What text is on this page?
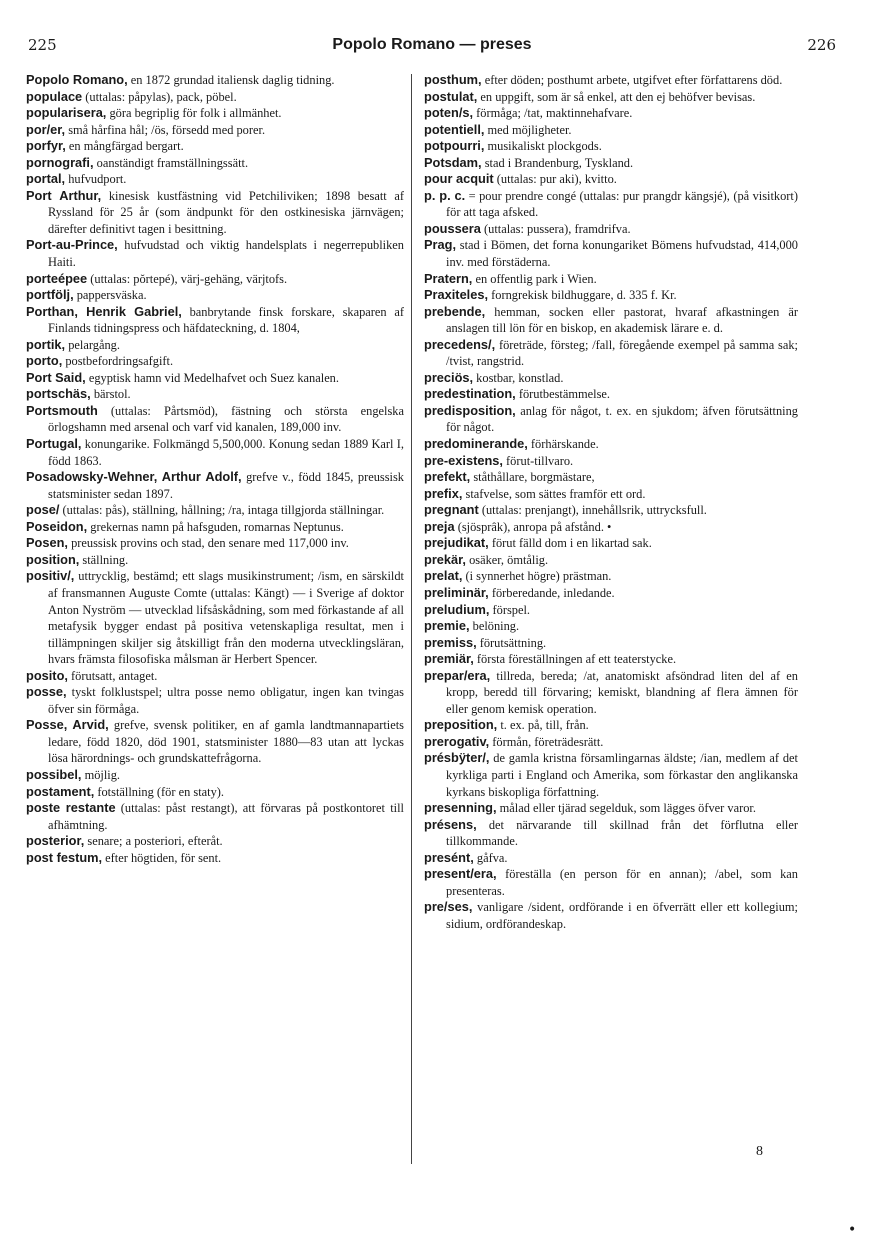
225	Popolo Romano — preses	226

Popolo Romano, en 1872 grundad italiensk daglig tidning.

populace (uttalas: påpylas), pack, pöbel.

popularisera, göra begriplig för folk i allmänhet.

por/er, små hårfina hål; /ös, försedd med porer.

porfyr, en mångfärgad bergart.

pornografi, oanständigt framställningssätt.

portal, hufvudport.

Port Arthur, kinesisk kustfästning vid Petchiliviken; 1898 besatt af Ryssland för 25 år (som ändpunkt för den ostkinesiska järnvägen; därefter definitivt tagen i besittning.

Port-au-Prince, hufvudstad och viktig handelsplats i negerrepubliken Haiti.

porteépee (uttalas: pŏrtepé), värj-gehäng, värjtofs.

portfölj, pappersväska.

Porthan, Henrik Gabriel, banbrytande finsk forskare, skaparen af Finlands tidningspress och häfdateckning, d. 1804,

portik, pelargång.

porto, postbefordringsafgift.

Port Said, egyptisk hamn vid Medelhafvet och Suez kanalen.

portschäs, bärstol.

Portsmouth (uttalas: Pårtsmöd), fästning och största engelska örlogshamn med arsenal och varf vid kanalen, 189,000 inv.

Portugal, konungarike. Folkmängd 5,500,000. Konung sedan 1889 Karl I, född 1863.

Posadowsky-Wehner, Arthur Adolf, grefve v., född 1845, preussisk statsminister sedan 1897.

pose/ (uttalas: pås), ställning, hållning; /ra, intaga tillgjorda ställningar.

Poseidon, grekernas namn på hafsguden, romarnas Neptunus.

Posen, preussisk provins och stad, den senare med 117,000 inv.

position, ställning.

positiv/, uttrycklig, bestämd; ett slags musikinstrument; /ism, en särskildt af fransmannen Auguste Comte (uttalas: Kängt) — i Sverige af doktor Anton Nyström — utvecklad lifsåskådning, som med förkastande af all metafysik bygger endast på positiva vetenskapliga resultat, men i tillämpningen skiljer sig åtskilligt från den moderna utvecklingsläran, hvars främsta filosofiska målsman är Herbert Spencer.

posito, förutsatt, antaget.

posse, tyskt folklustspel; ultra posse nemo obligatur, ingen kan tvingas öfver sin förmåga.

Posse, Arvid, grefve, svensk politiker, en af gamla landtmannapartiets ledare, född 1820, död 1901, statsminister 1880—83 utan att lyckas lösa härordnings- och grundskattefrågorna.

possibel, möjlig.

postament, fotställning (för en staty).

poste restante (uttalas: påst restangt), att förvaras på postkontoret till afhämtning.

posterior, senare; a posteriori, efteråt.

post festum, efter högtiden, för sent.

posthum, efter döden; posthumt arbete, utgifvet efter författarens död.

postulat, en uppgift, som är så enkel, att den ej behöfver bevisas.

poten/s, förmåga; /tat, maktinnehafvare.

potentiell, med möjligheter.

potpourri, musikaliskt plockgods.

Potsdam, stad i Brandenburg, Tyskland.

pour acquit (uttalas: pur aki), kvitto.

p. p. c. = pour prendre congé (uttalas: pur prangdr kängsjé), (på visitkort) för att taga afsked.

poussera (uttalas: pussera), framdrifva.

Prag, stad i Bömen, det forna konungariket Bömens hufvudstad, 414,000 inv. med förstäderna.

Pratern, en offentlig park i Wien.

Praxiteles, forngrekisk bildhuggare, d. 335 f. Kr.

prebende, hemman, socken eller pastorat, hvaraf afkastningen är anslagen till lön för en biskop, en akademisk lärare e. d.

precedens/, företräde, försteg; /fall, föregående exempel på samma sak; /tvist, rangstrid.

preciös, kostbar, konstlad.

predestination, förutbestämmelse.

predisposition, anlag för något, t. ex. en sjukdom; äfven förutsättning för något.

predominerande, förhärskande.

pre-existens, förut-tillvaro.

prefekt, ståthållare, borgmästare,

prefix, stafvelse, som sättes framför ett ord.

pregnant (uttalas: prenjangt), innehållsrik, uttrycksfull.

preja (sjösprâk), anropa på afstånd. •

prejudikat, förut fälld dom i en likartad sak.

prekär, osäker, ömtålig.

prelat, (i synnerhet högre) prästman.

preliminär, förberedande, inledande.

preludium, förspel.

premie, belöning.

premiss, förutsättning.

premiär, första föreställningen af ett teaterstycke.

prepar/era, tillreda, bereda; /at, anatomiskt afsöndrad liten del af en kropp, beredd till förvaring; kemiskt, blandning af flera ämnen för eller genom kemisk operation.

preposition, t. ex. på, till, från.

prerogativ, förmån, företrädesrätt.

présbÿter/, de gamla kristna församlingarnas äldste; /ian, medlem af det kyrkliga parti i England och Amerika, som förkastar den anglikanska kyrkans biskopliga författning.

presenning, målad eller tjärad segelduk, som lägges öfver varor.

présens, det närvarande till skillnad från det förflutna eller tillkommande.

presént, gåfva.

present/era, föreställa (en person för en annan); /abel, som kan presenteras.

pre/ses, vanligare /sident, ordförande i en öfverrätt eller ett kollegium; sidium, ordförandeskap.

8
•
